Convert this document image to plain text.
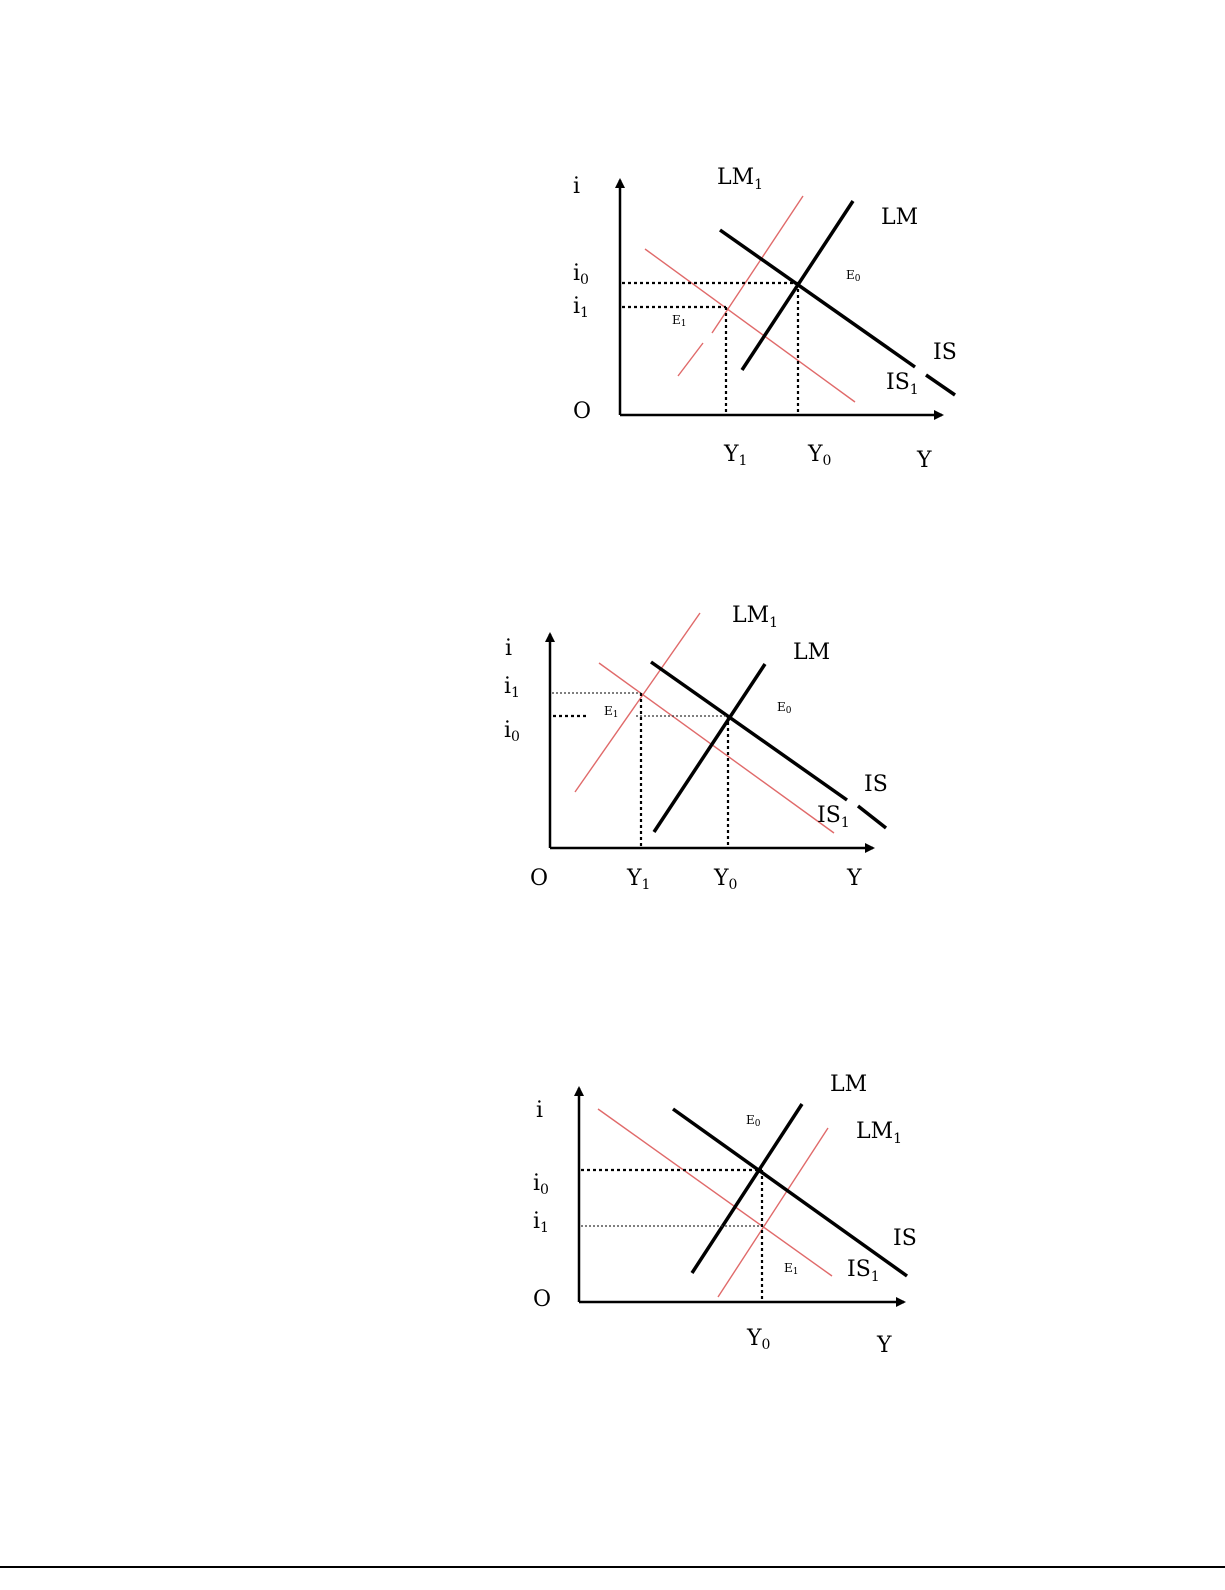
i
Y
O
$LM_1$
LM
IS
$IS_1$
i0
i1
Y1	Y0
E0
E1
i
Y
O
$LM_1$
LM
IS
$IS_1$
i1
i0
Y1	Y0
E0
E1
i
Y
O
LM
$LM_1$
IS
$IS_1$
i0
i1
Y0
E0
E1
